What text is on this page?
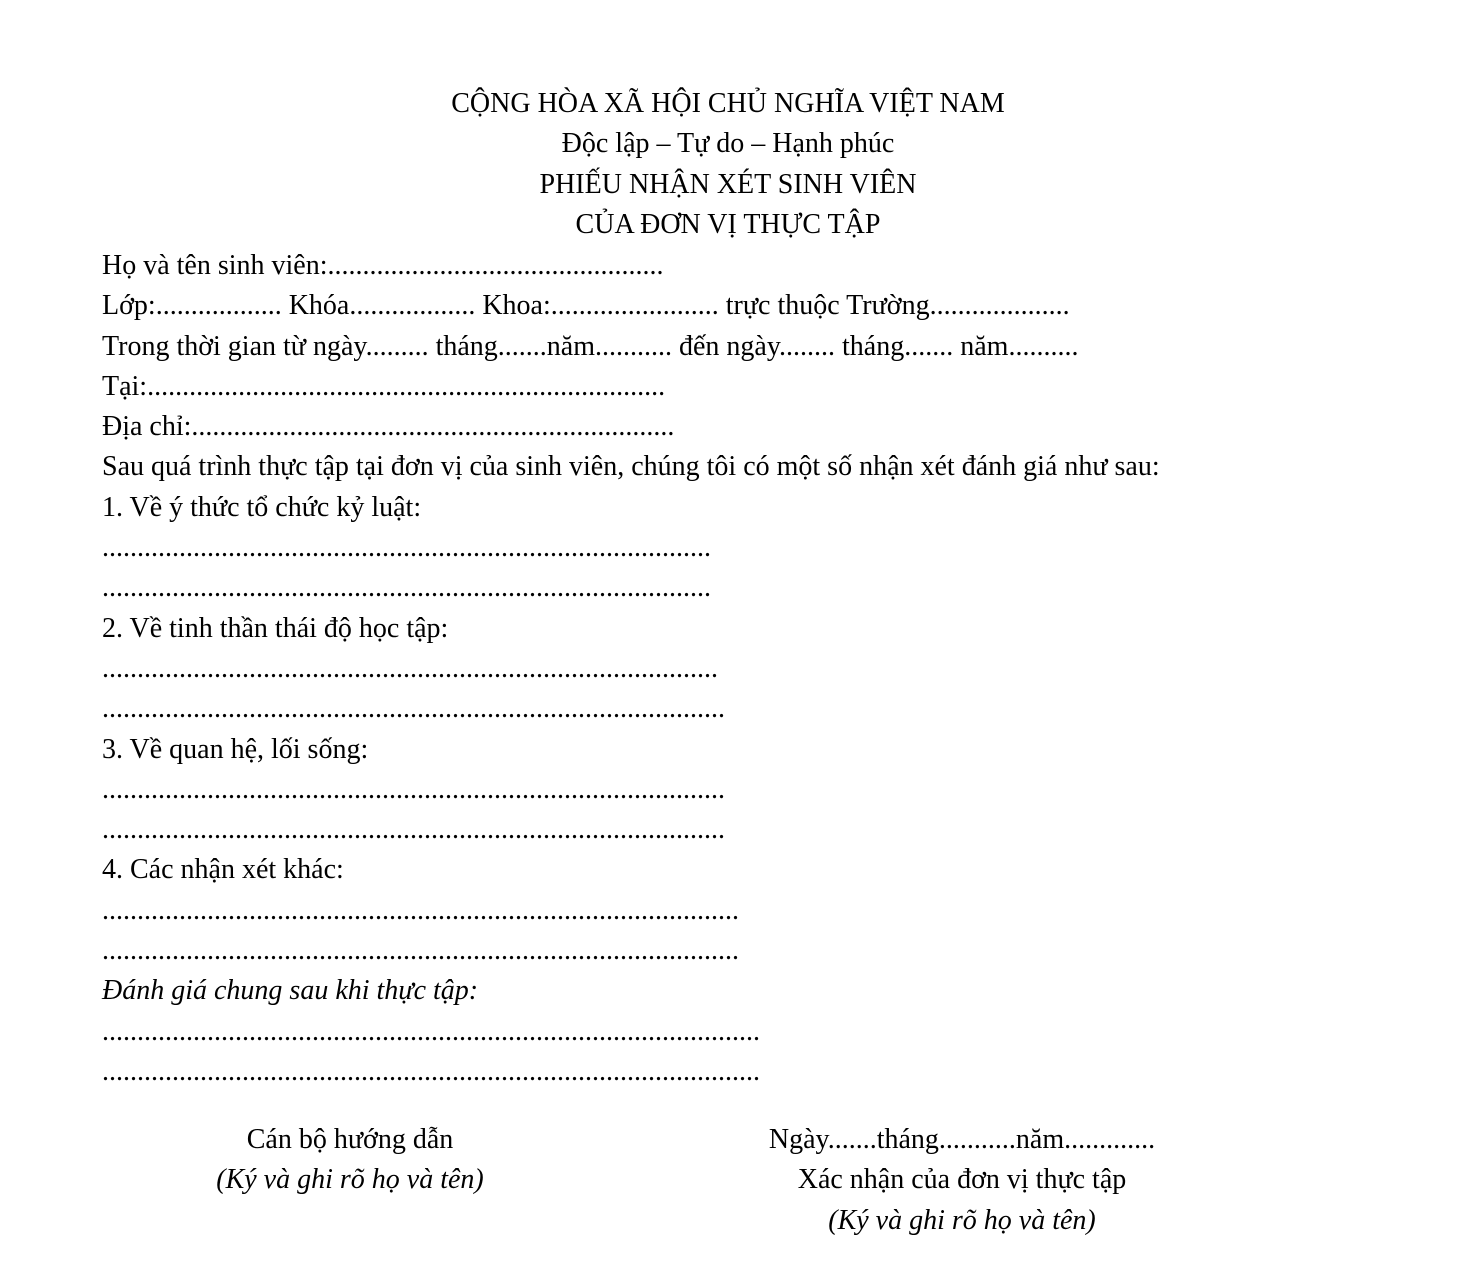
CỘNG HÒA XÃ HỘI CHỦ NGHĨA VIỆT NAM
Độc lập – Tự do – Hạnh phúc
PHIẾU NHẬN XÉT SINH VIÊN
CỦA ĐƠN VỊ THỰC TẬP
Họ và tên sinh viên:................................................
Lớp:.................. Khóa.................. Khoa:........................ trực thuộc Trường....................
Trong thời gian từ ngày......... tháng.......năm........... đến ngày........ tháng....... năm..........
Tại:..........................................................................
Địa chỉ:.....................................................................
Sau quá trình thực tập tại đơn vị của sinh viên, chúng tôi có một số nhận xét đánh giá như sau:
1. Về ý thức tổ chức kỷ luật:
.......................................................................................
.......................................................................................
2. Về tinh thần thái độ học tập:
........................................................................................
.........................................................................................
3. Về quan hệ, lối sống:
.........................................................................................
.........................................................................................
4. Các nhận xét khác:
...........................................................................................
...........................................................................................
Đánh giá chung sau khi thực tập:
..............................................................................................
..............................................................................................
Cán bộ hướng dẫn
(Ký và ghi rõ họ và tên)
Ngày.......tháng...........năm.............
Xác nhận của đơn vị thực tập
(Ký và ghi rõ họ và tên)
